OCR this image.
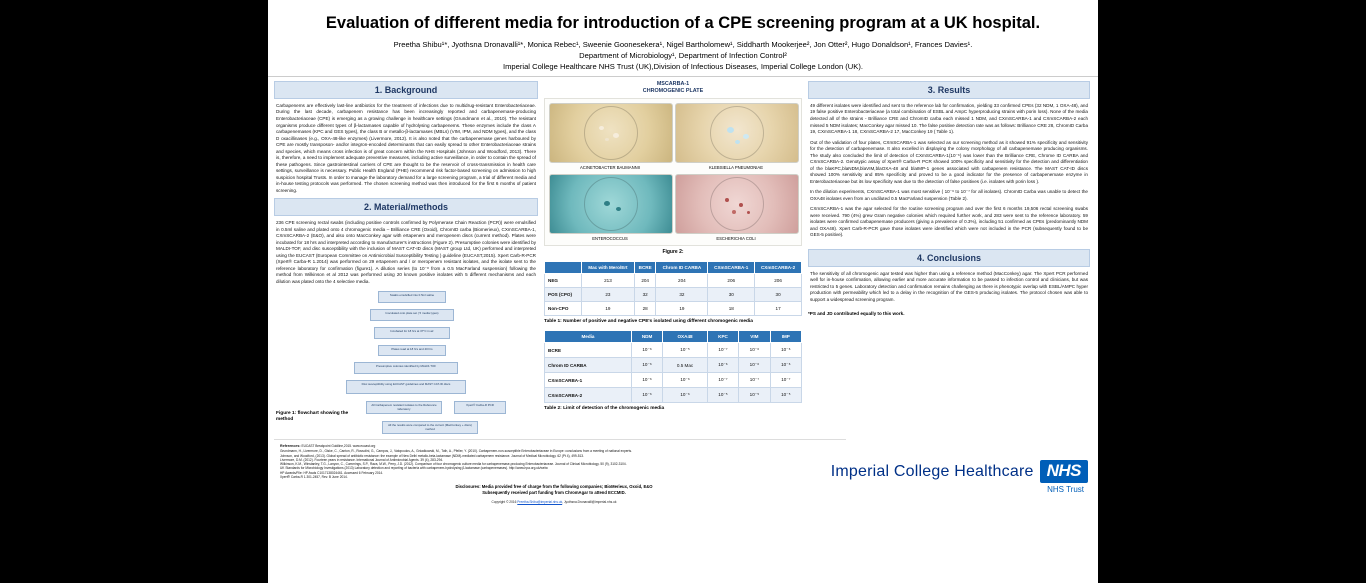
Evaluation of different media for introduction of a CPE screening program at a UK hospital.
Preetha Shibu¹*, Jyothsna Dronavalli¹*, Monica Rebec¹, Sweenie Goonesekera¹, Nigel Bartholomew¹, Siddharth Mookerjee², Jon Otter², Hugo Donaldson¹, Frances Davies¹.
Department of Microbiology¹, Department of Infection Control²
Imperial College Healthcare NHS Trust (UK),Division of Infectious Diseases, Imperial College London (UK).
1. Background
Carbapenems are effectively last-line antibiotics for the treatment of infections due to multidrug-resistant Enterobacteriaceae. During the last decade, carbapenem resistance has been increasingly reported and carbapenemase-producing Enterobacteriaceae (CPE) is emerging as a growing challenge in healthcare settings (Grundmann et al., 2010). The resistant organisms produce different types of β-lactamases capable of hydrolysing carbapenems. These enzymes include the class A carbapenemases (KPC and GES types), the class B or metallo-β-lactamases (MBLs) (VIM, IPM, and NDM types), and the class D oxacillinases (e.g., OXA-48-like enzymes) (Livermore, 2012). It is also noted that the carbapenemase genes harboured by CPE are mostly transposon- and/or integron-encoded determinants that can easily spread to other Enterobacteriaceae strains and species, which means cross infection is of great concern within the NHS Hospitals (Johnson and Woodford, 2013). There is, therefore, a need to implement adequate preventive measures, including active surveillance, in order to contain the spread of these pathogens. Since gastrointestinal carriers of CPE are thought to be the reservoir of cross-transmission in health care settings, surveillance is necessary. Public Health England (PHE) recommend risk factor-based screening on admission to high suspicion hospital Trusts. In order to manage the laboratory demand for a large screening program, a trial of different media and in-house testing protocols was performed. The chosen screening method was then introduced for the first 6 months of patient screening.
2. Material/methods
236 CPE screening rectal swabs (including positive controls confirmed by Polymerase Chain Reaction (PCR)) were emulsified in 0.5ml saline and plated onto 4 chromogenic media – Brilliance CRE (Oxoid), ChromID carba (Biomerieux), CXmSCARBA-1, CXmSCARBA-2 (E&O), and also onto MacConkey agar with ertapenem and meropenem discs (current method). Plates were incubated for 18 hrs and interpreted according to manufacturer's instructions (Figure 2). Presumptive colonies were identified by MALDI-TOF, and disc susceptibility with the inclusion of MAST CAT-ID discs (MAST group Ltd, UK) performed and interpreted using the EUCAST (European Committee on Antimicrobial Susceptibility Testing ) guideline (EUCAST,2015). Xpert Carb-R-PCR (Xpert® Carba-R 1.2014) was performed on 29 ertapenem and / or meropenem resistant isolates, and the isolate sent to the reference laboratory for confirmation (figure1). A dilution series (to 10⁻⁸ from a 0.5 MacFarland suspension) following the method from Wilkinson et al 2012 was performed using 20 known positive isolates with 5 different mechanisms and each dilution was plated onto the 4 selective media.
Swabs emulsified into 0.5ml saline
Inoculated onto plate set ( 5 media types)
Incubated for 18 hrs at 37°C in air
Plates read at 18 hrs and 40 hrs
Presumptive colonies identified by MALDI-TOF
Disc susceptibility using EUCAST guidelines and MAST CAT-ID discs
All Carbapenem resistant isolates to the Reference laboratory
Xpert® Carba-R PCR
All the results were compared to the current (MacConkey + discs) method
Figure 1: flowchart showing the method
MSCARBA-1
CHROMOGENIC PLATE
ACINETOBACTER BAUMANNII	KLEBSIELLA PNEUMONIAE
ENTEROCOCCUS	ESCHERICHIA COLI
Figure 2:
	Mac with Mero/Ert	BCRE	Chrom ID CARBA	CXmSCARBA-1	CXmSCARBA-2
NEG	213	204	204	206	206
POS (CPO)	23	32	32	30	30
Non-CPO	19	28	19	18	17
Table 1: Number of positive and negative CPE's isolated using different chromogenic media
Media	NDM	OXA48	KPC	VIM	IMP
BCRE	10⁻⁶	10⁻⁵	10⁻⁷	10⁻⁶	10⁻⁶
Chrom ID CARBA	10⁻⁶	0.5 Mac	10⁻⁶	10⁻⁶	10⁻⁶
CXmSCARBA-1	10⁻⁶	10⁻⁶	10⁻⁷	10⁻⁷	10⁻⁷
CXmSCARBA-2	10⁻⁶	10⁻⁶	10⁻⁵	10⁻⁵	10⁻⁵
Table 2: Limit of detection of the chromogenic media
3. Results
49 different isolates were identified and sent to the reference lab for confirmation, yielding 33 confirmed CPEs (32 NDM, 1 OXA-48), and 19 false positive Enterobacteriaceae (a total combination of ESBL and AmpC hyperproducing strains with porin loss). None of the media detected all of the strains - Brilliance CRE and ChromID carba each missed 1 NDM, and CXmSCARBA-1 and CXmSCARBA-2 each missed 5 NDM isolates; MacConkey agar missed 10. The false positive detection rate was as follows: Brilliance CRE 28, ChromID Carba 19, CXmSCARBA-1 18, CXmSCARBA-2 17, MacConkey 19 ( Table 1).
Out of the validation of four plates, CXmSCARBA-1 was selected as our screening method as it showed 91% specificity and sensitivity for the detection of carbapenemase. It also excelled in displaying the colony morphology of all carbapenemase producing organisms. The study also concluded the limit of detection of CXmSCARBA-1(10⁻⁶) was lower than the Brilliance CRE, Chrome ID CARBA and CXmSCARBA-2. Genotypic assay of Xpert® Carba-R PCR showed 100% specificity and sensitivity for the detection and differentiation of the blaKPC,blaNDM,blaVIM,blaOXA-48 and blaIMP-1 genes associated with carbapenem resistance. The MAST CAT-ID discs showed 100% sensitivity and 85% specificity and proved to be a good indicator for the presence of carbapenemase enzyme in Enterobacteriaceae but its low specificity was due to the detection of false positives (i.e. isolates with porin loss ).
In the dilution experiments, CXmSCARBA-1 was most sensitive ( 10⁻⁶ to 10⁻⁷ for all isolates). ChromID Carba was unable to detect the OXA48 isolates even from an undiluted 0.5 MacFarland suspension (Table 2).
CXmSCARBA-1 was the agar selected for the routine screening program and over the first 6 months 19,506 rectal screening swabs were received. 790 (4%) grew Gram negative colonies which required further work, and 283 were sent to the reference laboratory. 59 isolates were confirmed carbapenemase producers (giving a prevalence of 0.3%), including 51 confirmed as CPEs (predominantly NDM and OXA48). Xpert Carb-R-PCR gave those isolates were identified which were not included in the PCR (subsequently found to be GES-5 positive).
4. Conclusions
The sensitivity of all chromogenic agar tested was higher than using a reference method (MacConkey) agar. The Xpert PCR performed well for in-house confirmation, allowing earlier and more accurate information to be passed to infection control and clinicians, but was restricted to 5 genes. Laboratory detection and confirmation remains challenging as there is phenotypic overlap with ESBL/AMPC hyper production with permeability which led to a delay in the recognition of the GES-5 producing isolates. The protocol chosen was able to support a widespread screening program.
*PS and JD contributed equally to this work.
References: EUCAST Breakpoint Guidline,2015. www.eucast.org
Grundmann, H., Livermore, D., Giske, C., Canton, R., Rossolini, G., Campos, J., Vatopoulos, A., Gniadkowski, M., Toth, A., Pfeller, Y. (2010). Carbapenem-non-susceptible Enterobacteriaceae in Europe: conclusions from a meeting of national experts.
Johnson, and Woodford, (2013). Global spread of antibiotic resistance: the example of New Delhi metallo-beta-lactamase (NDM)-mediated carbapenem resistance. Journal of Medical Microbiology. 62 (Pt 4), 499-513.
Livermore, D.M. (2012). Fourteen years in resistance. International Journal of Antimicrobial Agents. 39 (4), 283-294.
Wilkinson, K.M., Winstanley, T.G., Lanyon, C., Cummings, S.P., Raza, M.W., Perry, J.D. (2012). Comparison of four chromogenic culture media for carbapenemase-producing Enterobacteriaceae. Journal of Clinical Microbiology. 50 (9), 3102-3104.
UK Standards for Microbiology Investigations (2013) Laboratory detection and reporting of bacteria with carbapenem-hydrolysing β-lactamase (carbapenemases). http://www.hpa.org.uk/webc
HP Awards/File: HP Awds C1017138024461. Accessed 6 February 2014.
Xpert® Carba-R 1.301-2457, Rev. B June 2014.
Disclosures: Media provided free of charge from the following companies; BioMerieux, Oxoid, E&O
Subsequently received part funding from ChromAgar to attend ECCMID.
Copyright © 2016 Preetha.Shibu@imperial.nhs.uk, Jyothsna.Dronavalli@imperial.nhs.uk
Imperial College Healthcare NHS
NHS Trust
